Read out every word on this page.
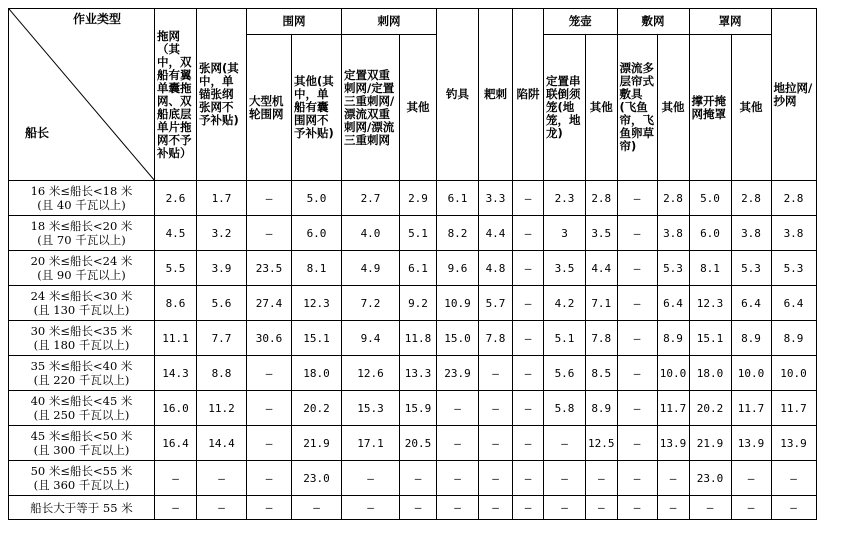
作业类型
船长	拖网（其中，双船有翼单囊拖网、双船底层单片拖网不予补贴）	张网(其中，单锚张纲张网不予补贴)	围网		刺网		钓具	耙刺	陷阱	笼壶		敷网		罩网		地拉网/抄网
			大型机轮围网	其他(其中，单船有囊围网不予补贴)	定置双重刺网/定置三重刺网/漂流双重刺网/漂流三重刺网	其他				定置串联倒须笼(地笼，地龙)	其他	漂流多层帘式敷具(飞鱼帘，飞鱼卵草帘)	其他	撑开掩网掩罩	其他	

16 米≤船长<18 米
(且 40 千瓦以上)	2.6	1.7	–	5.0	2.7	2.9	6.1	3.3	–	2.3	2.8	–	2.8	5.0	2.8	2.8

18 米≤船长<20 米
(且 70 千瓦以上)	4.5	3.2	–	6.0	4.0	5.1	8.2	4.4	–	3	3.5	–	3.8	6.0	3.8	3.8

20 米≤船长<24 米
(且 90 千瓦以上)	5.5	3.9	23.5	8.1	4.9	6.1	9.6	4.8	–	3.5	4.4	–	5.3	8.1	5.3	5.3

24 米≤船长<30 米
(且 130 千瓦以上)	8.6	5.6	27.4	12.3	7.2	9.2	10.9	5.7	–	4.2	7.1	–	6.4	12.3	6.4	6.4

30 米≤船长<35 米
(且 180 千瓦以上)	11.1	7.7	30.6	15.1	9.4	11.8	15.0	7.8	–	5.1	7.8	–	8.9	15.1	8.9	8.9

35 米≤船长<40 米
(且 220 千瓦以上)	14.3	8.8	–	18.0	12.6	13.3	23.9	–	–	5.6	8.5	–	10.0	18.0	10.0	10.0

40 米≤船长<45 米
(且 250 千瓦以上)	16.0	11.2	–	20.2	15.3	15.9	–	–	–	5.8	8.9	–	11.7	20.2	11.7	11.7

45 米≤船长<50 米
(且 300 千瓦以上)	16.4	14.4	–	21.9	17.1	20.5	–	–	–	–	12.5	–	13.9	21.9	13.9	13.9

50 米≤船长<55 米
(且 360 千瓦以上)	–	–	–	23.0	–	–	–	–	–	–	–	–	–	23.0	–	–

船长大于等于 55 米	–	–	–	–	–	–	–	–	–	–	–	–	–	–	–	–
